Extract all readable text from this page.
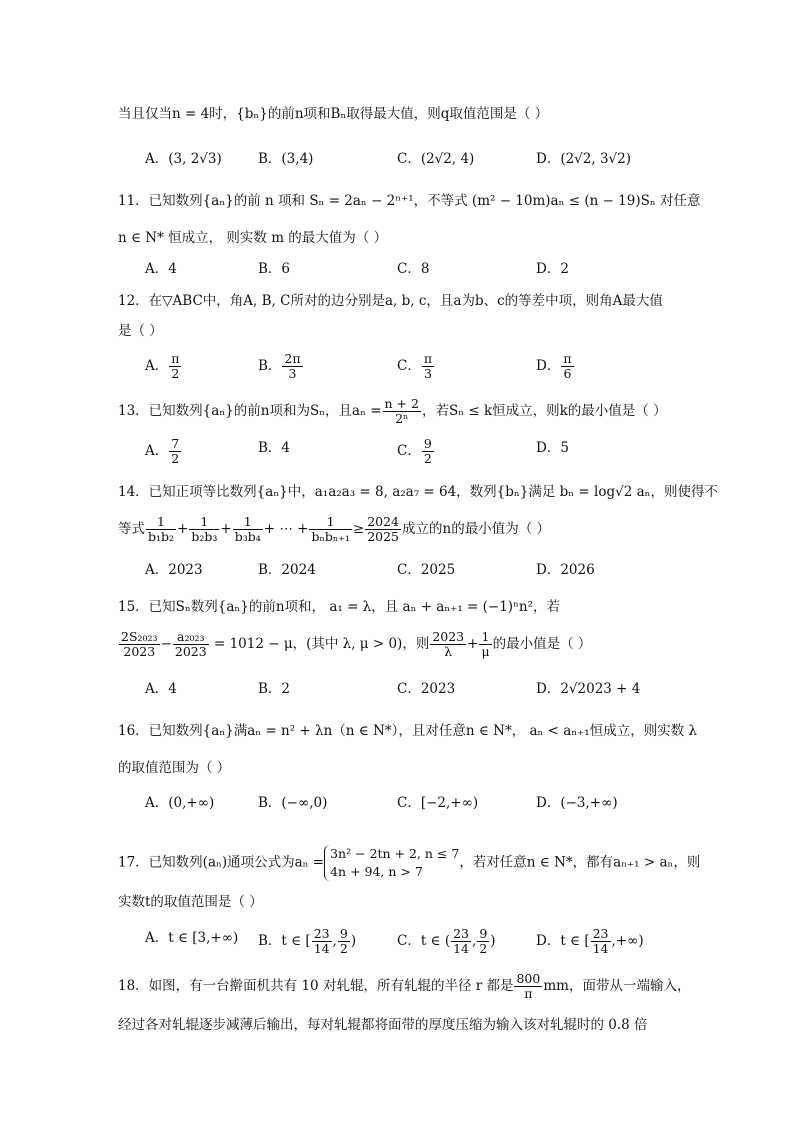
当且仅当n = 4时，{bₙ}的前n项和Bₙ取得最大值，则q取值范围是（ ）
A．(3, 2√3)	B．(3,4)	C．(2√2, 4)	D．(2√2, 3√2)
11．已知数列{aₙ}的前 n 项和 Sₙ = 2aₙ − 2ⁿ⁺¹，不等式 (m² − 10m)aₙ ≤ (n − 19)Sₙ 对任意
n ∈ N* 恒成立， 则实数 m 的最大值为（ ）
A．4	B．6	C．8	D．2
12．在▽ABC中，角A, B, C所对的边分别是a, b, c，且a为b、c的等差中项，则角A最大值
是（ ）
A． $\frac{\pi}{2}$	B． $\frac{2\pi}{3}$	C． $\frac{\pi}{3}$	D． $\frac{\pi}{6}$
13．已知数列{aₙ}的前n项和为Sₙ，且$a_n = \frac{n + 2}{\text{2ⁿ}}$ ，若Sₙ ≤ k恒成立，则k的最小值是（ ）
A． $\frac{7}{2}$	B．4	C． $\frac{9}{2}$	D．5
14．已知正项等比数列{aₙ}中，a₁a₂a₃ = 8, a₂a₇ = 64，数列{bₙ}满足 bₙ = log√2 aₙ，则使得不
等式 $\frac{1}{\text{b₁b₂}} + \frac{1}{\text{b₂b₃}} + \frac{1}{\text{b₃b₄}}$ + ⋯ + $\frac{1}{\text{bₙbₙ₊₁}} \ge \frac{2024}{2025}$ 成立的n的最小值为（ ）
A．2023	B．2024	C．2025	D．2026
15．已知Sₙ数列{aₙ}的前n项和， a₁ = λ，且 aₙ + aₙ₊₁ = (−1)ⁿn²，若
$\frac{\text{2S₂₀₂₃}}{2023} - \frac{\text{a₂₀₂₃}}{2023} = 1012 - \mu$，(其中 λ, μ > 0)，则 $\frac{2023}{\lambda} + \frac{1}{\mu}$ 的最小值是（ ）
A．4	B．2	C．2023	D．2√2023 + 4
16．已知数列{aₙ}满aₙ = n² + λn（n ∈ N*），且对任意n ∈ N*， aₙ < aₙ₊₁恒成立，则实数 λ
的取值范围为（ ）
A．(0,+∞)	B．(−∞,0)	C．[−2,+∞)	D．(−3,+∞)
17．已知数列(aₙ)通项公式为aₙ =
3n² − 2tn + 2, n ≤ 7
4n + 94, n > 7
，若对任意n ∈ N*，都有aₙ₊₁ > aₙ，则
实数t的取值范围是（ ）
A．t ∈ [3,+∞) B．t ∈ [ $\frac{23}{14}$ , $\frac{9}{2}$ )	C．t ∈ ( $\frac{23}{14}$ , $\frac{9}{2}$ )	D．t ∈ [ $\frac{23}{14}$ ,+∞)
18．如图，有一台擀面机共有 10 对轧辊，所有轧辊的半径 r 都是 $\frac{800}{\pi}$ mm，面带从一端输入，
经过各对轧辊逐步减薄后输出，每对轧辊都将面带的厚度压缩为输入该对轧辊时的 0.8 倍
